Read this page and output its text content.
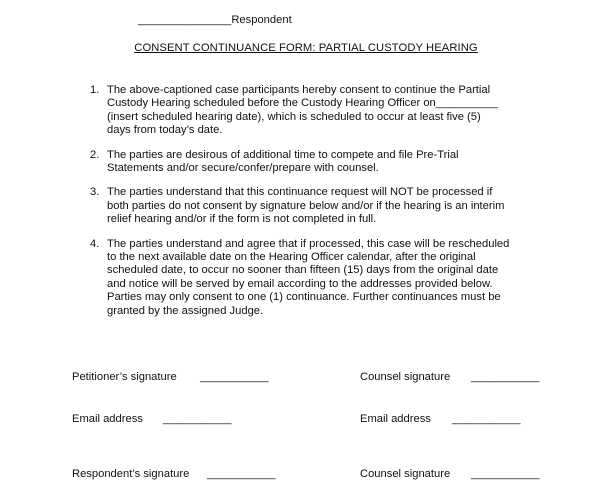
_______________Respondent
CONSENT CONTINUANCE FORM: PARTIAL CUSTODY HEARING
1. The above-captioned case participants hereby consent to continue the Partial
Custody Hearing scheduled before the Custody Hearing Officer on__________
(insert scheduled hearing date), which is scheduled to occur at least five (5)
days from today’s date.
2. The parties are desirous of additional time to compete and file Pre-Trial
Statements and/or secure/confer/prepare with counsel.
3. The parties understand that this continuance request will NOT be processed if
both parties do not consent by signature below and/or if the hearing is an interim
relief hearing and/or if the form is not completed in full.
4. The parties understand and agree that if processed, this case will be rescheduled
to the next available date on the Hearing Officer calendar, after the original
scheduled date, to occur no sooner than fifteen (15) days from the original date
and notice will be served by email according to the addresses provided below.
Parties may only consent to one (1) continuance. Further continuances must be
granted by the assigned Judge.
Petitioner’s signature ___________	Counsel signature ___________
Email address ___________	Email address ___________
Respondent’s signature ___________	Counsel signature ___________
